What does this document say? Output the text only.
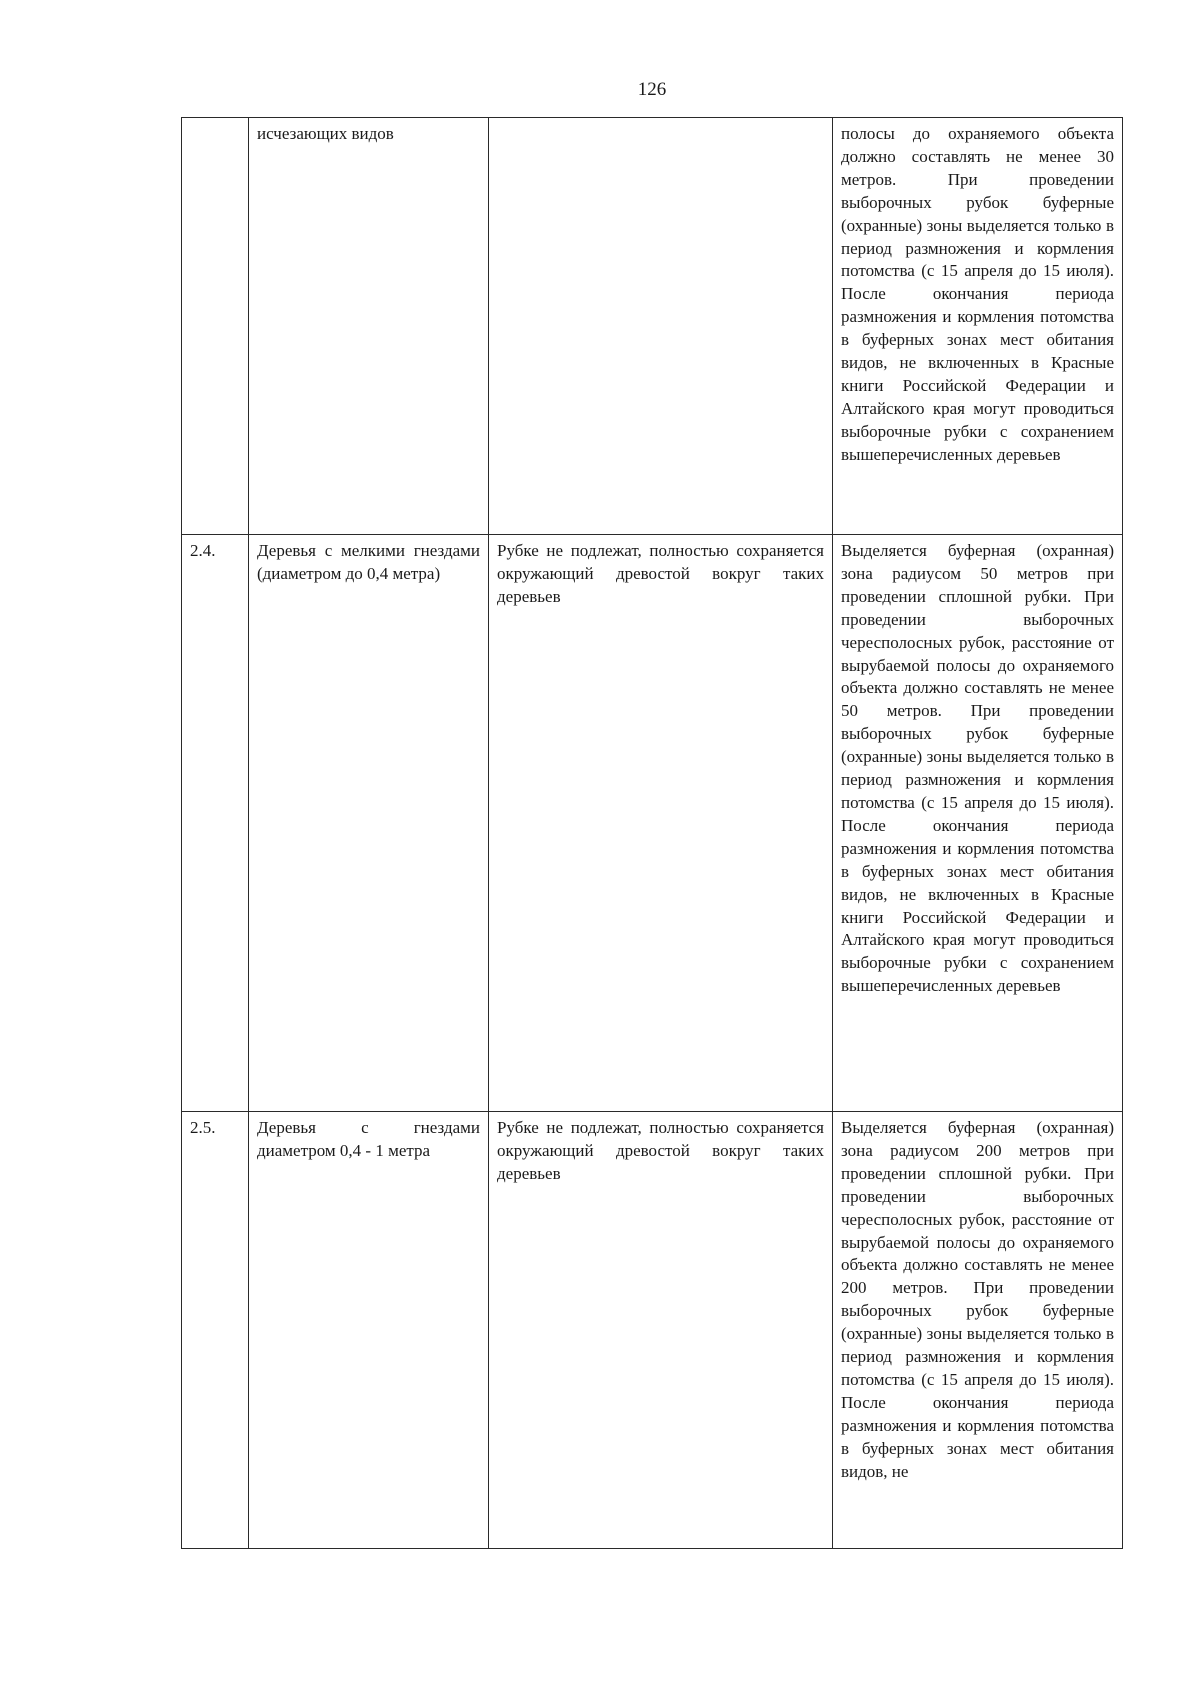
126
	исчезающих видов		полосы до охраняемого объекта должно составлять не менее 30 метров. При проведении выборочных рубок буферные (охранные) зоны выделяется только в период размножения и кормления потомства (с 15 апреля до 15 июля). После окончания периода размножения и кормления потомства в буферных зонах мест обитания видов, не включенных в Красные книги Российской Федерации и Алтайского края могут проводиться выборочные рубки с сохранением вышеперечисленных деревьев
2.4.	Деревья с мелкими гнездами (диаметром до 0,4 метра)	Рубке не подлежат, полностью сохраняется окружающий древостой вокруг таких деревьев	Выделяется буферная (охранная) зона радиусом 50 метров при проведении сплошной рубки. При проведении выборочных чересполосных рубок, расстояние от вырубаемой полосы до охраняемого объекта должно составлять не менее 50 метров. При проведении выборочных рубок буферные (охранные) зоны выделяется только в период размножения и кормления потомства (с 15 апреля до 15 июля). После окончания периода размножения и кормления потомства в буферных зонах мест обитания видов, не включенных в Красные книги Российской Федерации и Алтайского края могут проводиться выборочные рубки с сохранением вышеперечисленных деревьев
2.5.	Деревья с гнездами диаметром 0,4 - 1 метра	Рубке не подлежат, полностью сохраняется окружающий древостой вокруг таких деревьев	Выделяется буферная (охранная) зона радиусом 200 метров при проведении сплошной рубки. При проведении выборочных чересполосных рубок, расстояние от вырубаемой полосы до охраняемого объекта должно составлять не менее 200 метров. При проведении выборочных рубок буферные (охранные) зоны выделяется только в период размножения и кормления потомства (с 15 апреля до 15 июля). После окончания периода размножения и кормления потомства в буферных зонах мест обитания видов, не
